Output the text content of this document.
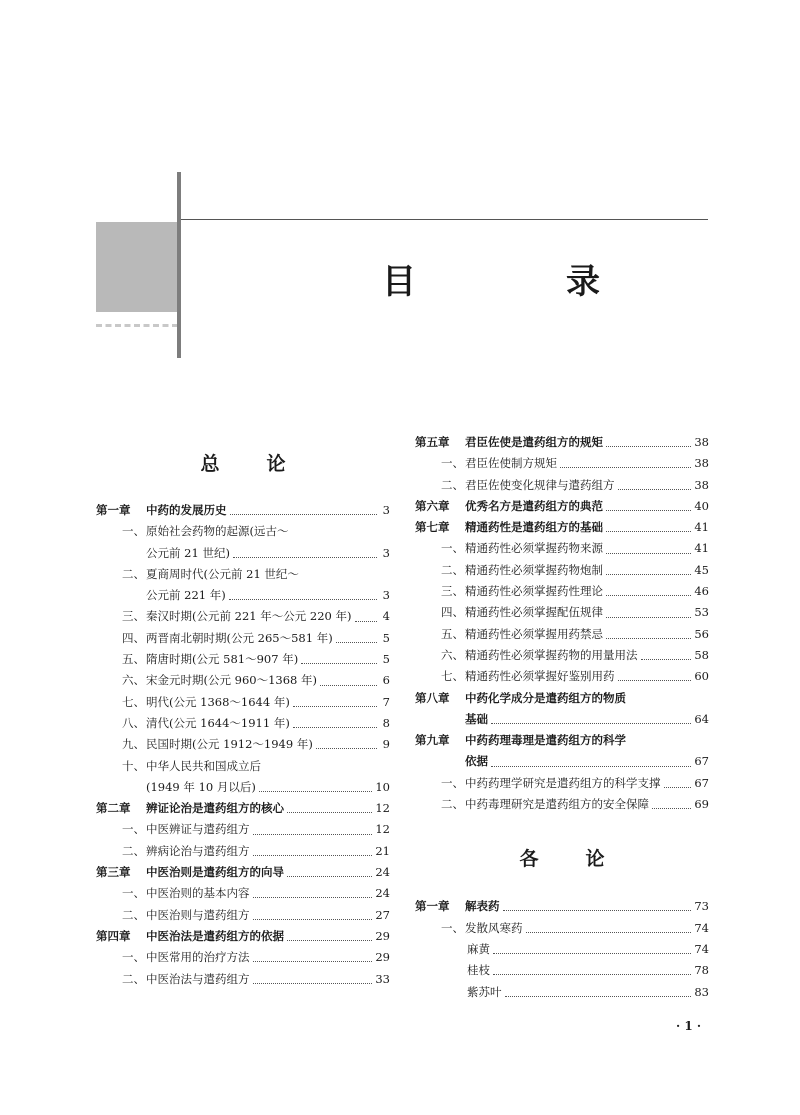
目　录
总　论
第一章	中药的发展历史	3
一、 原始社会药物的起源(远古～
公元前 21 世纪)	3
二、 夏商周时代(公元前 21 世纪～
公元前 221 年)	3
三、 秦汉时期(公元前 221 年～公元 220 年)	4
四、 两晋南北朝时期(公元 265～581 年)	5
五、 隋唐时期(公元 581～907 年)	5
六、 宋金元时期(公元 960～1368 年)	6
七、 明代(公元 1368～1644 年)	7
八、 清代(公元 1644～1911 年)	8
九、 民国时期(公元 1912～1949 年)	9
十、 中华人民共和国成立后
(1949 年 10 月以后)	10
第二章	辨证论治是遣药组方的核心	12
一、 中医辨证与遣药组方	12
二、 辨病论治与遣药组方	21
第三章	中医治则是遣药组方的向导	24
一、 中医治则的基本内容	24
二、 中医治则与遣药组方	27
第四章	中医治法是遣药组方的依据	29
一、 中医常用的治疗方法	29
二、 中医治法与遣药组方	33
第五章	君臣佐使是遣药组方的规矩	38
一、 君臣佐使制方规矩	38
二、 君臣佐使变化规律与遣药组方	38
第六章	优秀名方是遣药组方的典范	40
第七章	精通药性是遣药组方的基础	41
一、 精通药性必须掌握药物来源	41
二、 精通药性必须掌握药物炮制	45
三、 精通药性必须掌握药性理论	46
四、 精通药性必须掌握配伍规律	53
五、 精通药性必须掌握用药禁忌	56
六、 精通药性必须掌握药物的用量用法	58
七、 精通药性必须掌握好鉴别用药	60
第八章	中药化学成分是遣药组方的物质
基础	64
第九章	中药药理毒理是遣药组方的科学
依据	67
一、 中药药理学研究是遣药组方的科学支撑	67
二、 中药毒理研究是遣药组方的安全保障	69
各　论
第一章	解表药	73
一、 发散风寒药	74
麻黄	74
桂枝	78
紫苏叶	83
· 1 ·
